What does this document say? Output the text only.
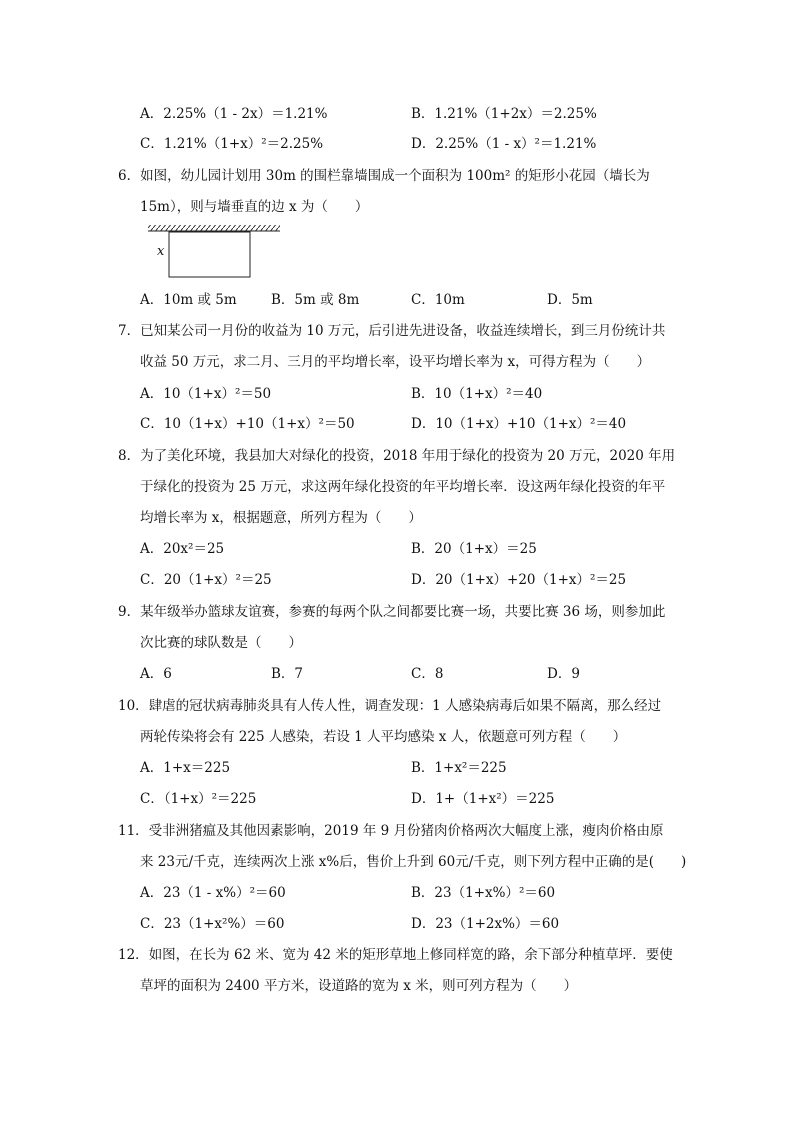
A．2.25%（1 - 2x）＝1.21%	B．1.21%（1+2x）＝2.25%
C．1.21%（1+x）²＝2.25%	D．2.25%（1 - x）²＝1.21%
6．如图，幼儿园计划用 30m 的围栏靠墙围成一个面积为 100m² 的矩形小花园（墙长为
15m），则与墙垂直的边 x 为（　　）
x
A．10m 或 5m	B．5m 或 8m	C．10m	D．5m
7．已知某公司一月份的收益为 10 万元，后引进先进设备，收益连续增长，到三月份统计共
收益 50 万元，求二月、三月的平均增长率，设平均增长率为 x，可得方程为（　　）
A．10（1+x）²＝50	B．10（1+x）²＝40
C．10（1+x）+10（1+x）²＝50	D．10（1+x）+10（1+x）²＝40
8．为了美化环境，我县加大对绿化的投资，2018 年用于绿化的投资为 20 万元，2020 年用
于绿化的投资为 25 万元，求这两年绿化投资的年平均增长率．设这两年绿化投资的年平
均增长率为 x，根据题意，所列方程为（　　）
A．20x²＝25	B．20（1+x）＝25
C．20（1+x）²＝25	D．20（1+x）+20（1+x）²＝25
9．某年级举办篮球友谊赛，参赛的每两个队之间都要比赛一场，共要比赛 36 场，则参加此
次比赛的球队数是（　　）
A．6	B．7	C．8	D．9
10．肆虐的冠状病毒肺炎具有人传人性，调查发现：1 人感染病毒后如果不隔离，那么经过
两轮传染将会有 225 人感染，若设 1 人平均感染 x 人，依题意可列方程（　　）
A．1+x＝225	B．1+x²＝225
C．（1+x）²＝225	D．1+（1+x²）＝225
11．受非洲猪瘟及其他因素影响，2019 年 9 月份猪肉价格两次大幅度上涨，瘦肉价格由原
来 23元/千克，连续两次上涨 x%后，售价上升到 60元/千克，则下列方程中正确的是(　　)
A．23（1 - x%）²＝60	B．23（1+x%）²＝60
C．23（1+x²%）＝60	D．23（1+2x%）＝60
12．如图，在长为 62 米、宽为 42 米的矩形草地上修同样宽的路，余下部分种植草坪．要使
草坪的面积为 2400 平方米，设道路的宽为 x 米，则可列方程为（　　）
